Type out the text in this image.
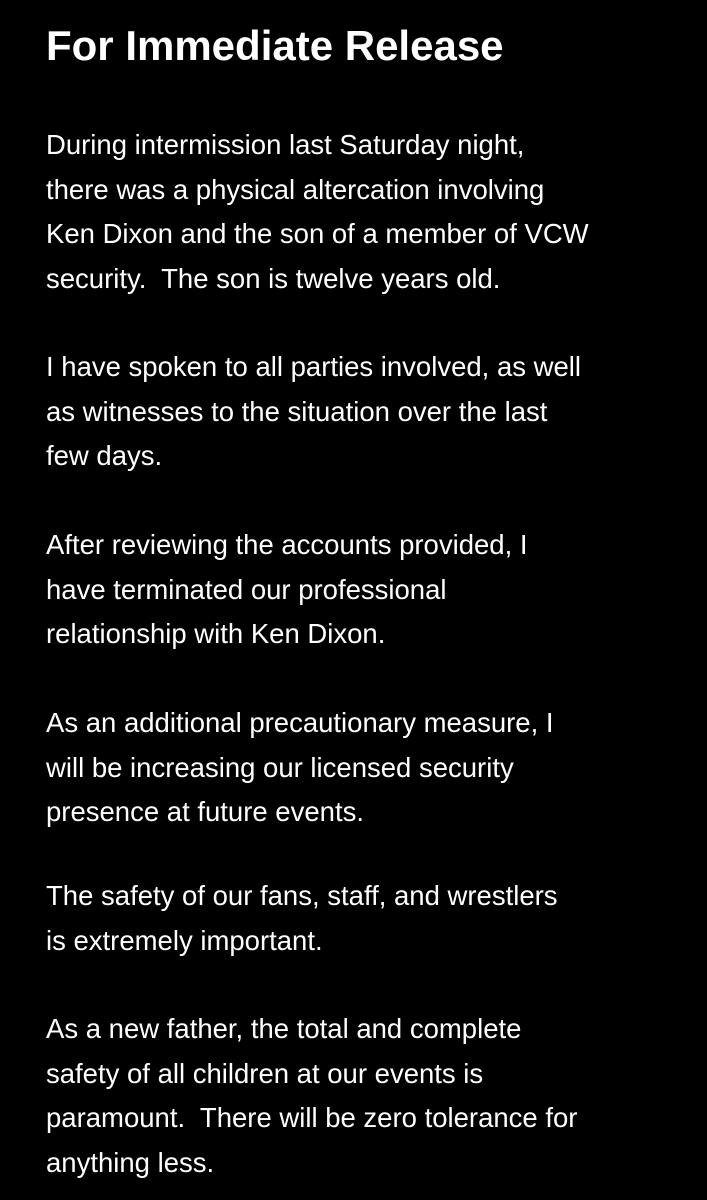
For Immediate Release

During intermission last Saturday night,
there was a physical altercation involving
Ken Dixon and the son of a member of VCW
security.  The son is twelve years old.

I have spoken to all parties involved, as well
as witnesses to the situation over the last
few days.

After reviewing the accounts provided, I
have terminated our professional
relationship with Ken Dixon.

As an additional precautionary measure, I
will be increasing our licensed security
presence at future events.

The safety of our fans, staff, and wrestlers
is extremely important.

As a new father, the total and complete
safety of all children at our events is
paramount.  There will be zero tolerance for
anything less.
